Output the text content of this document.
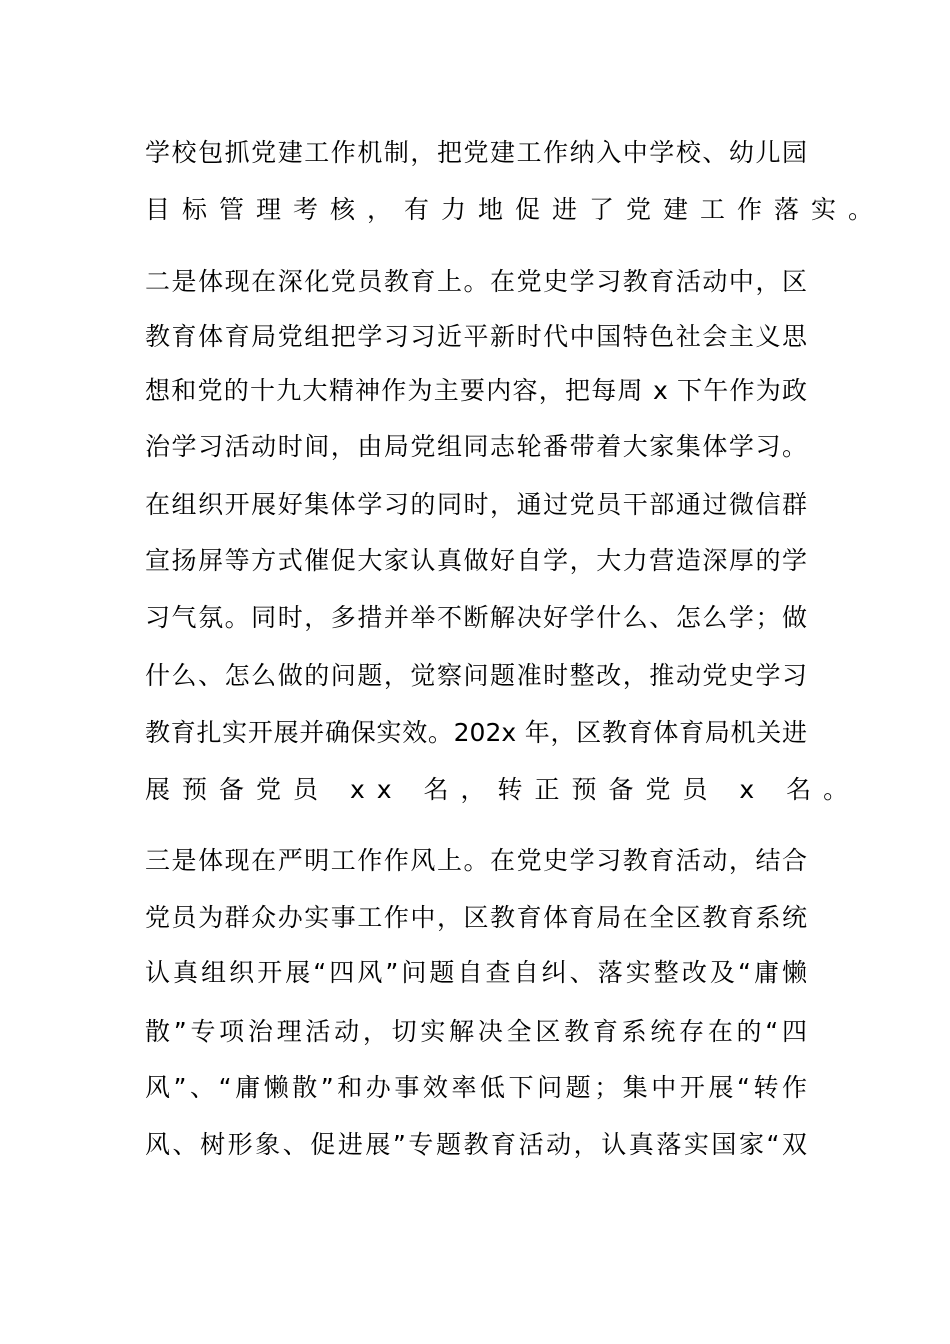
学校包抓党建工作机制，把党建工作纳入中学校、幼儿园
目标管理考核，有力地促进了党建工作落实。
二是体现在深化党员教育上。在党史学习教育活动中，区
教育体育局党组把学习习近平新时代中国特色社会主义思
想和党的十九大精神作为主要内容，把每周 x 下午作为政
治学习活动时间，由局党组同志轮番带着大家集体学习。
在组织开展好集体学习的同时，通过党员干部通过微信群
宣扬屏等方式催促大家认真做好自学，大力营造深厚的学
习气氛。同时，多措并举不断解决好学什么、怎么学；做
什么、怎么做的问题，觉察问题准时整改，推动党史学习
教育扎实开展并确保实效。202x 年，区教育体育局机关进
展预备党员 xx 名，转正预备党员 x 名。
三是体现在严明工作作风上。在党史学习教育活动，结合
党员为群众办实事工作中，区教育体育局在全区教育系统
认真组织开展“四风”问题自查自纠、落实整改及“庸懒
散”专项治理活动，切实解决全区教育系统存在的“四
风”、“庸懒散”和办事效率低下问题；集中开展“转作
风、树形象、促进展”专题教育活动，认真落实国家“双
